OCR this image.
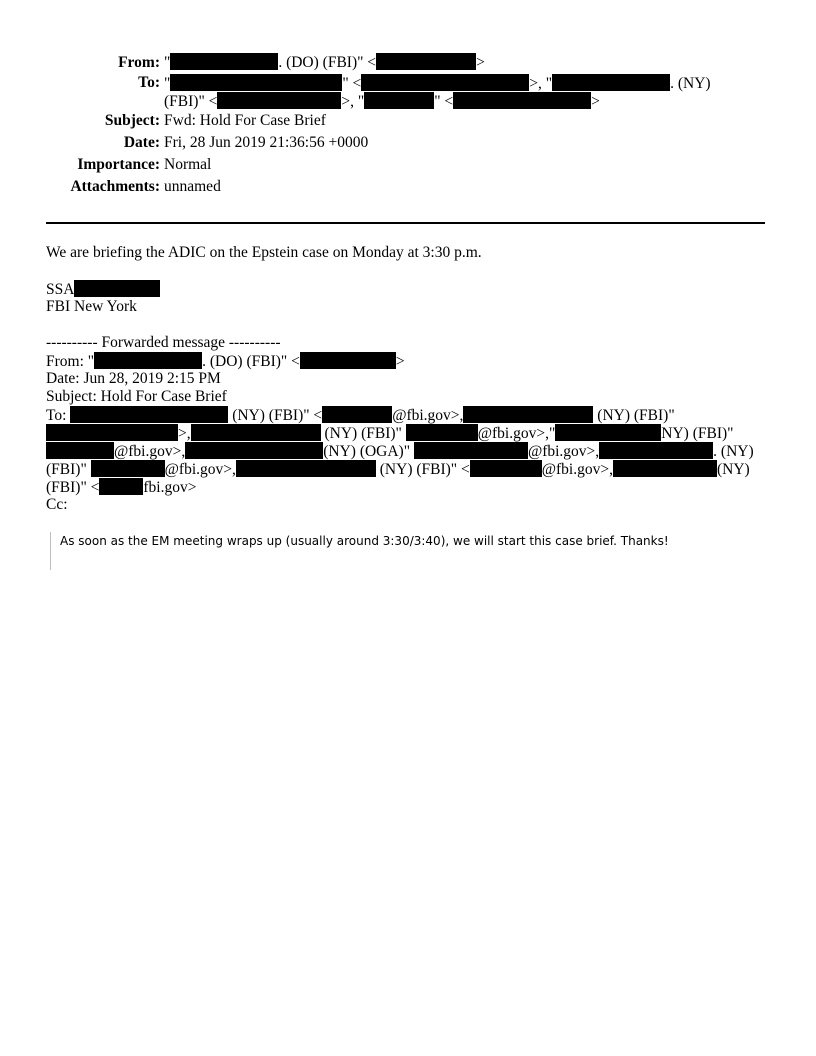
From: "	. (DO) (FBI)" <	>
To: "	" <	>, "	. (NY)
(FBI)" <	>, "	" <	>
Subject: Fwd: Hold For Case Brief
Date: Fri, 28 Jun 2019 21:36:56 +0000
Importance: Normal
Attachments: unnamed
We are briefing the ADIC on the Epstein case on Monday at 3:30 p.m.
SSA
FBI New York
---------- Forwarded message ----------
From: "	. (DO) (FBI)" <	>
Date: Jun 28, 2019 2:15 PM
Subject: Hold For Case Brief
To:	(NY) (FBI)" <	@fbi.gov>,	(NY) (FBI)"
>,	(NY) (FBI)"	@fbi.gov>,"	NY) (FBI)"
@fbi.gov>,	(NY) (OGA)"	@fbi.gov>,	. (NY)
(FBI)"	@fbi.gov>,	(NY) (FBI)" <	@fbi.gov>,	(NY)
(FBI)" <	fbi.gov>
Cc:
As soon as the EM meeting wraps up (usually around 3:30/3:40), we will start this case brief. Thanks!
